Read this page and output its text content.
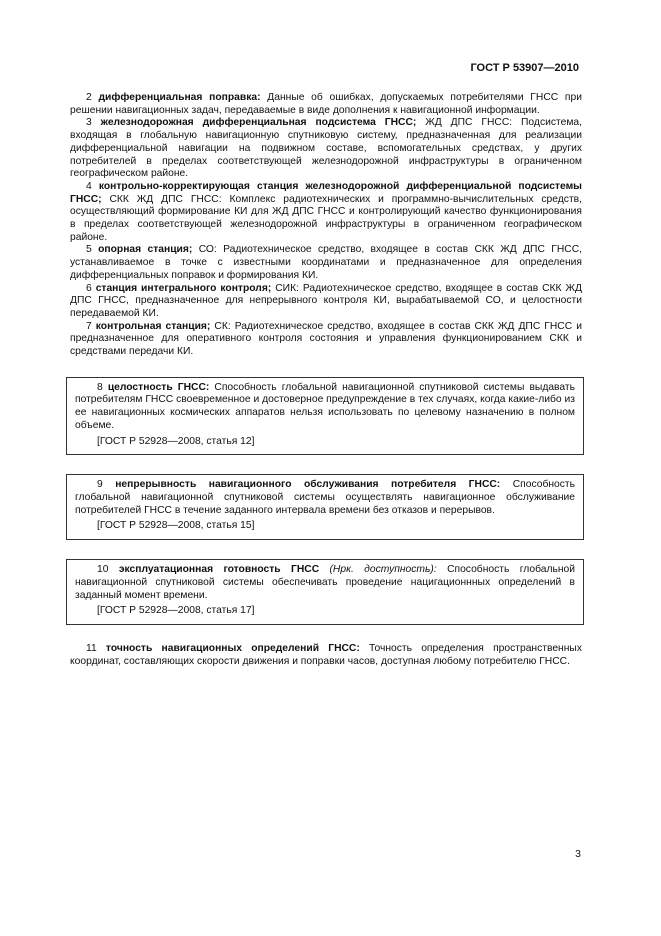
ГОСТ Р 53907—2010

2 дифференциальная поправка: Данные об ошибках, допускаемых потребителями ГНСС при решении навигационных задач, передаваемые в виде дополнения к навигационной информации.

3 железнодорожная дифференциальная подсистема ГНСС; ЖД ДПС ГНСС: Подсистема, входящая в глобальную навигационную спутниковую систему, предназначенная для реализации дифференциальной навигации на подвижном составе, вспомогательных средствах, у других потребителей в пределах соответствующей железнодорожной инфраструктуры в ограниченном географическом районе.

4 контрольно-корректирующая станция железнодорожной дифференциальной подсистемы ГНСС; СКК ЖД ДПС ГНСС: Комплекс радиотехнических и программно-вычислительных средств, осуществляющий формирование КИ для ЖД ДПС ГНСС и контролирующий качество функционирования в пределах соответствующей железнодорожной инфраструктуры в ограниченном географическом районе.

5 опорная станция; СО: Радиотехническое средство, входящее в состав СКК ЖД ДПС ГНСС, устанавливаемое в точке с известными координатами и предназначенное для определения дифференциальных поправок и формирования КИ.

6 станция интегрального контроля; СИК: Радиотехническое средство, входящее в состав СКК ЖД ДПС ГНСС, предназначенное для непрерывного контроля КИ, вырабатываемой СО, и целостности передаваемой КИ.

7 контрольная станция; СК: Радиотехническое средство, входящее в состав СКК ЖД ДПС ГНСС и предназначенное для оперативного контроля состояния и управления функционированием СКК и средствами передачи КИ.

8 целостность ГНСС: Способность глобальной навигационной спутниковой системы выдавать потребителям ГНСС своевременное и достоверное предупреждение в тех случаях, когда какие-либо из ее навигационных космических аппаратов нельзя использовать по целевому назначению в полном объеме.

[ГОСТ Р 52928—2008, статья 12]

9 непрерывность навигационного обслуживания потребителя ГНСС: Способность глобальной навигационной спутниковой системы осуществлять навигационное обслуживание потребителей ГНСС в течение заданного интервала времени без отказов и перерывов.

[ГОСТ Р 52928—2008, статья 15]

10 эксплуатационная готовность ГНСС (Нрк. доступность): Способность глобальной навигационной спутниковой системы обеспечивать проведение нацигационнных определений в заданный момент времени.

[ГОСТ Р 52928—2008, статья 17]

11 точность навигационных определений ГНСС: Точность определения пространственных координат, составляющих скорости движения и поправки часов, доступная любому потребителю ГНСС.

3
